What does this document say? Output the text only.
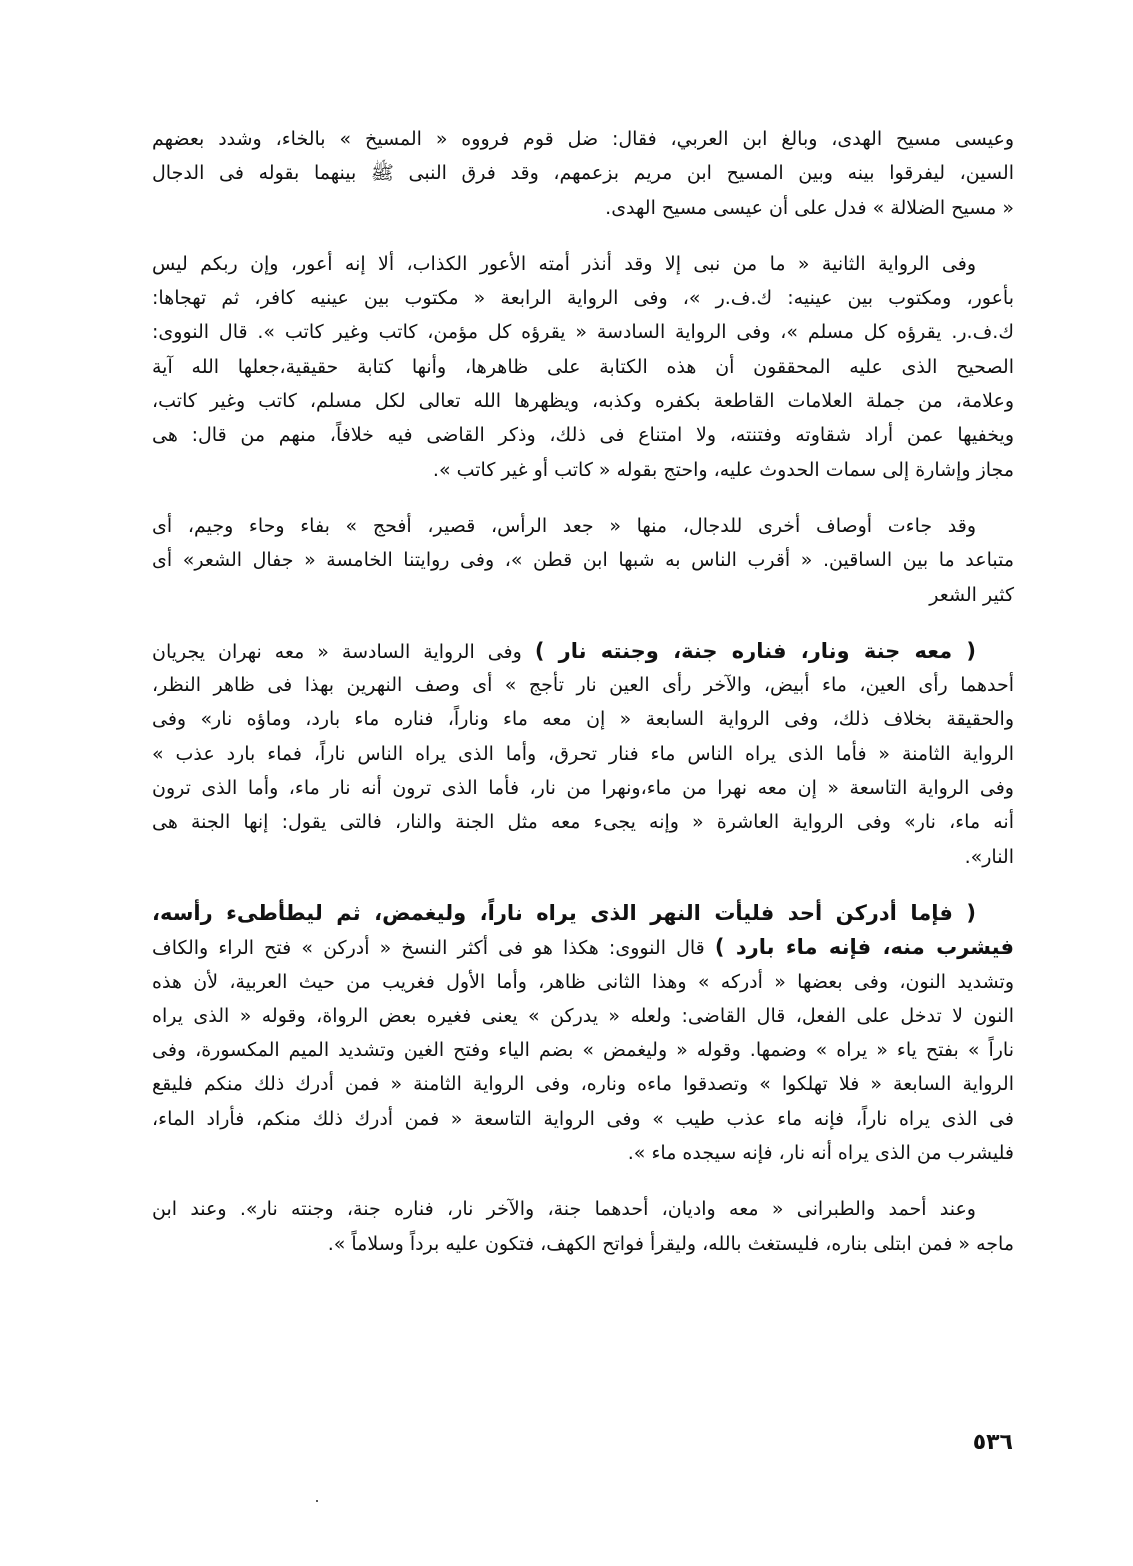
وعيسى مسيح الهدى، وبالغ ابن العربي، فقال: ضل قوم فرووه « المسيخ » بالخاء، وشدد بعضهم
السين، ليفرقوا بينه وبين المسيح ابن مريم بزعمهم، وقد فرق النبى ﷺ بينهما بقوله فى الدجال
« مسيح الضلالة » فدل على أن عيسى مسيح الهدى.
وفى الرواية الثانية « ما من نبى إلا وقد أنذر أمته الأعور الكذاب، ألا إنه أعور، وإن ربكم ليس
بأعور، ومكتوب بين عينيه: ك.ف.ر »، وفى الرواية الرابعة « مكتوب بين عينيه كافر، ثم تهجاها:
ك.ف.ر. يقرؤه كل مسلم »، وفى الرواية السادسة « يقرؤه كل مؤمن، كاتب وغير كاتب ». قال النووى:
الصحيح الذى عليه المحققون أن هذه الكتابة على ظاهرها، وأنها كتابة حقيقية،جعلها الله آية
وعلامة، من جملة العلامات القاطعة بكفره وكذبه، ويظهرها الله تعالى لكل مسلم، كاتب وغير كاتب،
ويخفيها عمن أراد شقاوته وفتنته، ولا امتناع فى ذلك، وذكر القاضى فيه خلافاً، منهم من قال: هى
مجاز وإشارة إلى سمات الحدوث عليه، واحتج بقوله « كاتب أو غير كاتب ».
وقد جاءت أوصاف أخرى للدجال، منها « جعد الرأس، قصير، أفحج » بفاء وحاء وجيم، أى
متباعد ما بين الساقين. « أقرب الناس به شبها ابن قطن »، وفى روايتنا الخامسة « جفال الشعر» أى
كثير الشعر
( معه جنة ونار، فناره جنة، وجنته نار ) وفى الرواية السادسة « معه نهران يجريان
أحدهما رأى العين، ماء أبيض، والآخر رأى العين نار تأجج » أى وصف النهرين بهذا فى ظاهر النظر،
والحقيقة بخلاف ذلك، وفى الرواية السابعة « إن معه ماء وناراً، فناره ماء بارد، وماؤه نار» وفى
الرواية الثامنة « فأما الذى يراه الناس ماء فنار تحرق، وأما الذى يراه الناس ناراً، فماء بارد عذب »
وفى الرواية التاسعة « إن معه نهرا من ماء،ونهرا من نار، فأما الذى ترون أنه نار ماء، وأما الذى ترون
أنه ماء، نار» وفى الرواية العاشرة « وإنه يجىء معه مثل الجنة والنار، فالتى يقول: إنها الجنة هى
النار».
( فإما أدركن أحد فليأت النهر الذى يراه ناراً، وليغمض، ثم ليطأطىء رأسه،
فيشرب منه، فإنه ماء بارد ) قال النووى: هكذا هو فى أكثر النسخ « أدركن » فتح الراء والكاف
وتشديد النون، وفى بعضها « أدركه » وهذا الثانى ظاهر، وأما الأول فغريب من حيث العربية، لأن هذه
النون لا تدخل على الفعل، قال القاضى: ولعله « يدركن » يعنى فغيره بعض الرواة، وقوله « الذى يراه
ناراً » بفتح ياء « يراه » وضمها. وقوله « وليغمض » بضم الياء وفتح الغين وتشديد الميم المكسورة، وفى
الرواية السابعة « فلا تهلكوا » وتصدقوا ماءه وناره، وفى الرواية الثامنة « فمن أدرك ذلك منكم فليقع
فى الذى يراه ناراً، فإنه ماء عذب طيب » وفى الرواية التاسعة « فمن أدرك ذلك منكم، فأراد الماء،
فليشرب من الذى يراه أنه نار، فإنه سيجده ماء ».
وعند أحمد والطبرانى « معه واديان، أحدهما جنة، والآخر نار، فناره جنة، وجنته نار». وعند ابن
ماجه « فمن ابتلى بناره، فليستغث بالله، وليقرأ فواتح الكهف، فتكون عليه برداً وسلاماً ».
٥٣٦
